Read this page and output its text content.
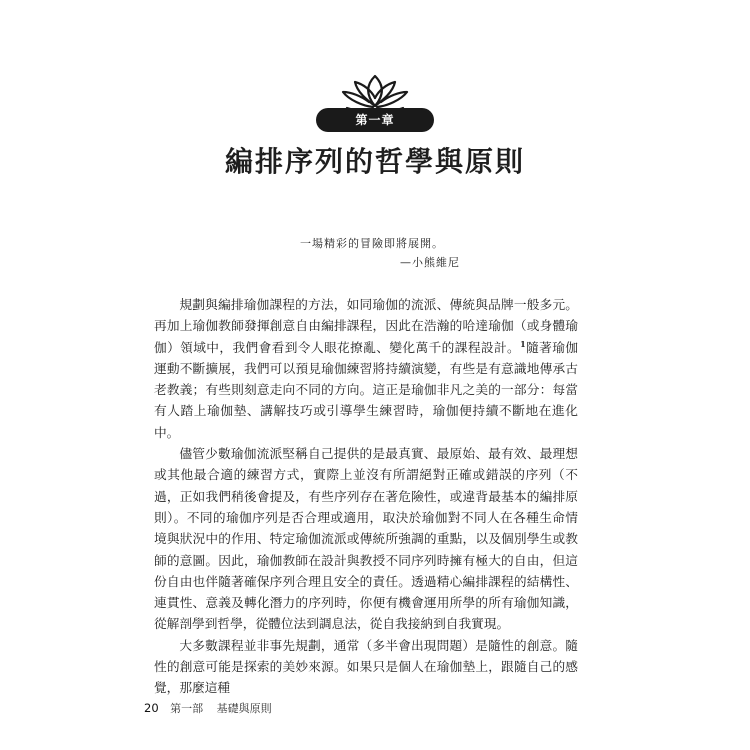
第一章
編排序列的哲學與原則
一場精彩的冒險即將展開。
—小熊維尼

規劃與編排瑜伽課程的方法，如同瑜伽的流派、傳統與品牌一般多元。再加上瑜伽教師發揮創意自由編排課程，因此在浩瀚的哈達瑜伽（或身體瑜伽）領域中，我們會看到令人眼花撩亂、變化萬千的課程設計。$^1$隨著瑜伽運動不斷擴展，我們可以預見瑜伽練習將持續演變，有些是有意識地傳承古老教義；有些則刻意走向不同的方向。這正是瑜伽非凡之美的一部分：每當有人踏上瑜伽墊、講解技巧或引導學生練習時，瑜伽便持續不斷地在進化中。

儘管少數瑜伽流派堅稱自己提供的是最真實、最原始、最有效、最理想或其他最合適的練習方式，實際上並沒有所謂絕對正確或錯誤的序列（不過，正如我們稍後會提及，有些序列存在著危險性，或違背最基本的編排原則）。不同的瑜伽序列是否合理或適用，取決於瑜伽對不同人在各種生命情境與狀況中的作用、特定瑜伽流派或傳統所強調的重點，以及個別學生或教師的意圖。因此，瑜伽教師在設計與教授不同序列時擁有極大的自由，但這份自由也伴隨著確保序列合理且安全的責任。透過精心編排課程的結構性、連貫性、意義及轉化潛力的序列時，你便有機會運用所學的所有瑜伽知識，從解剖學到哲學，從體位法到調息法，從自我接納到自我實現。

大多數課程並非事先規劃，通常（多半會出現問題）是隨性的創意。隨性的創意可能是探索的美妙來源。如果只是個人在瑜伽墊上，跟隨自己的感覺，那麼這種

20 第一部 基礎與原則
